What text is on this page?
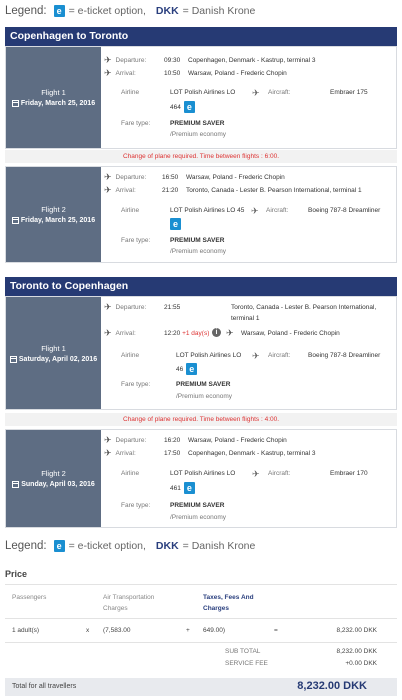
Legend:	e = e-ticket option, DKK = Danish Krone
Copenhagen to Toronto
Flight 1
Friday, March 25, 2016
✈ Departure:	09:30 Copenhagen, Denmark - Kastrup, terminal 3
✈ Arrival:	10:50 Warsaw, Poland - Frederic Chopin
Airline	LOT Polish Airlines LO
464 e
✈ Aircraft:	Embraer 175
Fare type:	PREMIUM SAVER
/Premium economy
Change of plane required. Time between flights : 6:00.
Flight 2
Friday, March 25, 2016
✈ Departure: 16:50 Warsaw, Poland - Frederic Chopin
✈ Arrival:	21:20 Toronto, Canada - Lester B. Pearson International, terminal 1
Airline	LOT Polish Airlines LO 45
e
✈ Aircraft:	Boeing 787-8 Dreamliner
Fare type:	PREMIUM SAVER
/Premium economy
Toronto to Copenhagen
Flight 1
Saturday, April 02, 2016
✈ Departure:	21:55	Toronto, Canada - Lester B. Pearson International,
terminal 1
✈ Arrival:	12:20 +1 day(s) i ✈ Warsaw, Poland - Frederic Chopin
Airline	LOT Polish Airlines LO
46 e
✈ Aircraft:	Boeing 787-8 Dreamliner
Fare type:	PREMIUM SAVER
/Premium economy
Change of plane required. Time between flights : 4:00.
Flight 2
Sunday, April 03, 2016
✈ Departure:	16:20 Warsaw, Poland - Frederic Chopin
✈ Arrival:	17:50 Copenhagen, Denmark - Kastrup, terminal 3
Airline	LOT Polish Airlines LO
461 e
✈ Aircraft:	Embraer 170
Fare type:	PREMIUM SAVER
/Premium economy
Legend:	e = e-ticket option, DKK = Danish Krone
Price
Passengers	Air Transportation
Charges
Taxes, Fees And
Charges
1 adult(s)	x (7,583.00	+ 649.00)	=	8,232.00 DKK
SUB TOTAL	8,232.00 DKK
SERVICE FEE	+0.00 DKK
Total for all travellers	8,232.00 DKK
